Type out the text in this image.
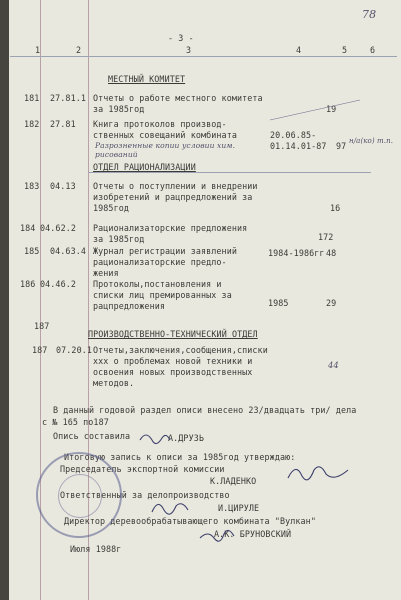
- 3 -
78
1	2	3	4	5	6
МЕСТНЫЙ КОМИТЕТ
181 27.81.1 Отчеты о работе местного комитета
за 1985год	19
182 27.81 Книга протоколов производ-
ственных совещаний комбината	20.06.85-
01.14.01-87 97
Разрозненные копии условии хим. рисований
н/а(ко) т.п.
ОТДЕЛ РАЦИОНАЛИЗАЦИИ
183 04.13 Отчеты о поступлении и внедрении
изобретений и рацпредложений за
1985год	16
184 04.62.2 Рационализаторские предложения
за 1985год	172
185 04.63.4 Журнал регистрации заявлений
рационализаторские предло-
жения
1984-1986гг 48
186 04.46.2 Протоколы,постановления и
списки лиц премированных за
рацпредложения	1985	29
187
ПРОИЗВОДСТВЕННО-ТЕХНИЧЕСКИЙ ОТДЕЛ
187 07.20.1 Отчеты,заключения,сообщения,списки
ххх о проблемах новой техники и
освоения новых производственных
методов.
44
В данный годовой раздел описи внесено 23/двадцать три/ дела
с № 165 по187
Опись составила	А.ДРУЗЬ
Итоговую запись к описи за 1985год утверждаю:
Председатель экспортной комиссии
К.ЛАДЕНКО
Ответственный за делопроизводство
И.ЦИРУЛЕ
Директор деревообрабатывающего комбината "Вулкан"
А.К. БРУНОВСКИЙ
Июля 1988г
